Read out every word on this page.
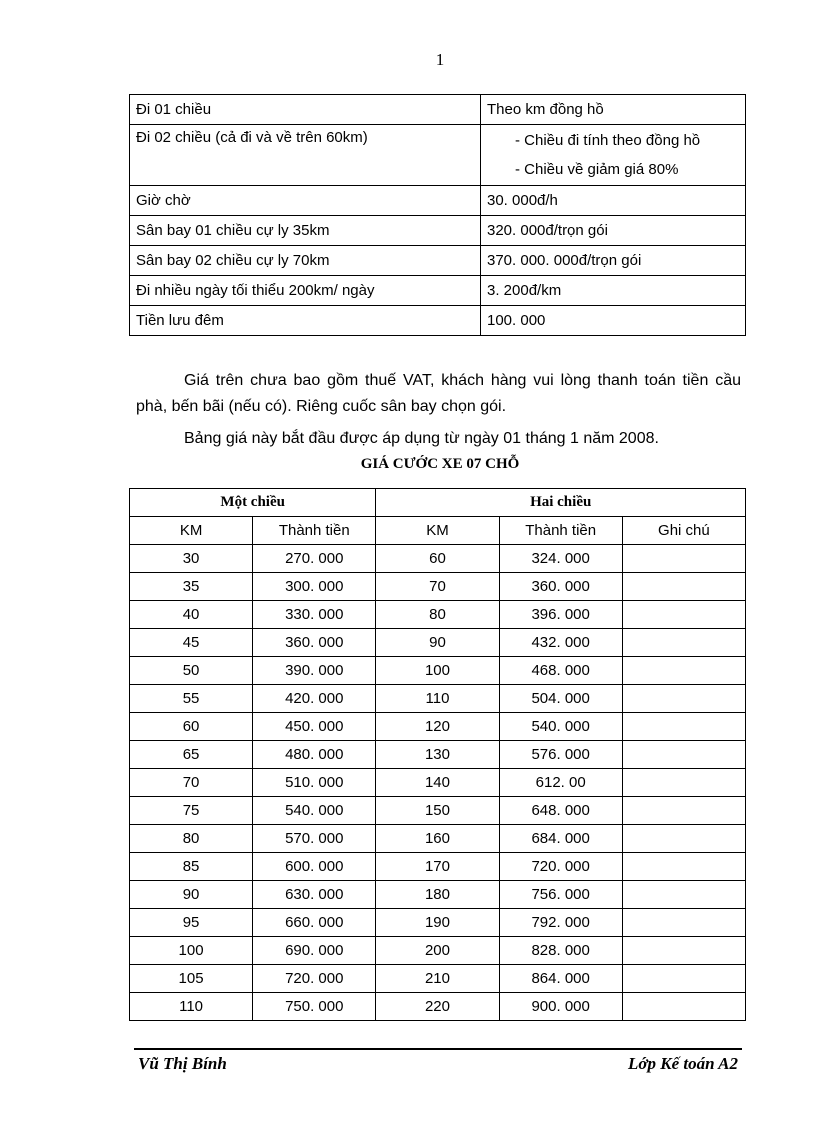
1
Đi 01 chiều	Theo km đồng hồ
Đi 02 chiều (cả đi và về trên 60km)	- Chiều đi tính theo đồng hồ
- Chiều về giảm giá 80%

Giờ chờ	30. 000đ/h
Sân bay 01 chiều cự ly 35km	320. 000đ/trọn gói
Sân bay 02 chiều cự ly 70km	370. 000. 000đ/trọn gói
Đi nhiều ngày tối thiểu 200km/ ngày	3. 200đ/km
Tiền lưu đêm	100. 000
Giá trên chưa bao gồm thuế VAT, khách hàng vui lòng thanh toán tiền cầu phà, bến bãi (nếu có). Riêng cuốc sân bay chọn gói.
Bảng giá này bắt đầu được áp dụng từ ngày 01 tháng 1 năm 2008.
GIÁ CƯỚC XE 07 CHỖ
Một chiều		Hai chiều		
KM	Thành tiền	KM	Thành tiền	Ghi chú
30	270. 000	60	324. 000	
35	300. 000	70	360. 000	
40	330. 000	80	396. 000	
45	360. 000	90	432. 000	
50	390. 000	100	468. 000	
55	420. 000	110	504. 000	
60	450. 000	120	540. 000	
65	480. 000	130	576. 000	
70	510. 000	140	612. 00	
75	540. 000	150	648. 000	
80	570. 000	160	684. 000	
85	600. 000	170	720. 000	
90	630. 000	180	756. 000	
95	660. 000	190	792. 000	
100	690. 000	200	828. 000	
105	720. 000	210	864. 000	
110	750. 000	220	900. 000	
Vũ Thị Bính	Lớp Kế toán A2
